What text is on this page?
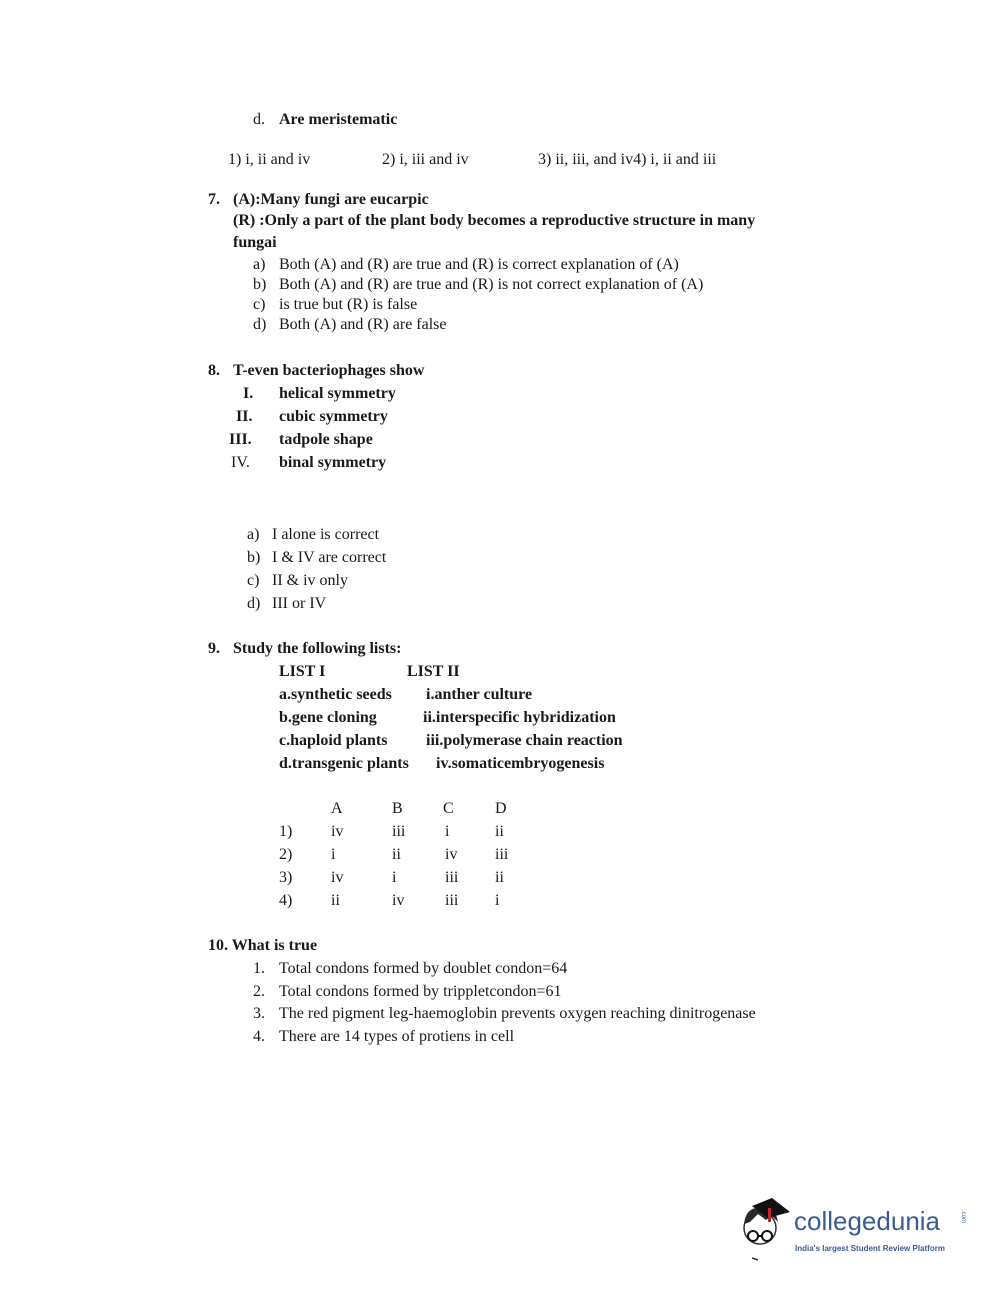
d. Are meristematic
1) i, ii and iv	2) i, iii and iv	3) ii, iii, and iv4) i, ii and iii
7. (A):Many fungi are eucarpic
(R) :Only a part of the plant body becomes a reproductive structure in many
fungai
a) Both (A) and (R) are true and (R) is correct explanation of (A)
b) Both (A) and (R) are true and (R) is not correct explanation of (A)
c) is true but (R) is false
d) Both (A) and (R) are false
8. T-even bacteriophages show
I. helical symmetry
II. cubic symmetry
III. tadpole shape
IV. binal symmetry
a) I alone is correct
b) I & IV are correct
c) II & iv only
d) III or IV
9. Study the following lists:
LIST I	LIST II
a.synthetic seeds i.anther culture
b.gene cloning	ii.interspecific hybridization
c.haploid plants iii.polymerase chain reaction
d.transgenic plants iv.somaticembryogenesis
A	B	C	D
1) iv	iii i	ii
2) i	ii	iv iii
3) iv	i	iii ii
4) ii	iv	iii i
10. What is true
1. Total condons formed by doublet condon=64
2. Total condons formed by trippletcondon=61
3. The red pigment leg-haemoglobin prevents oxygen reaching dinitrogenase
4. There are 14 types of protiens in cell
collegedunia	.com
India's largest Student Review Platform
